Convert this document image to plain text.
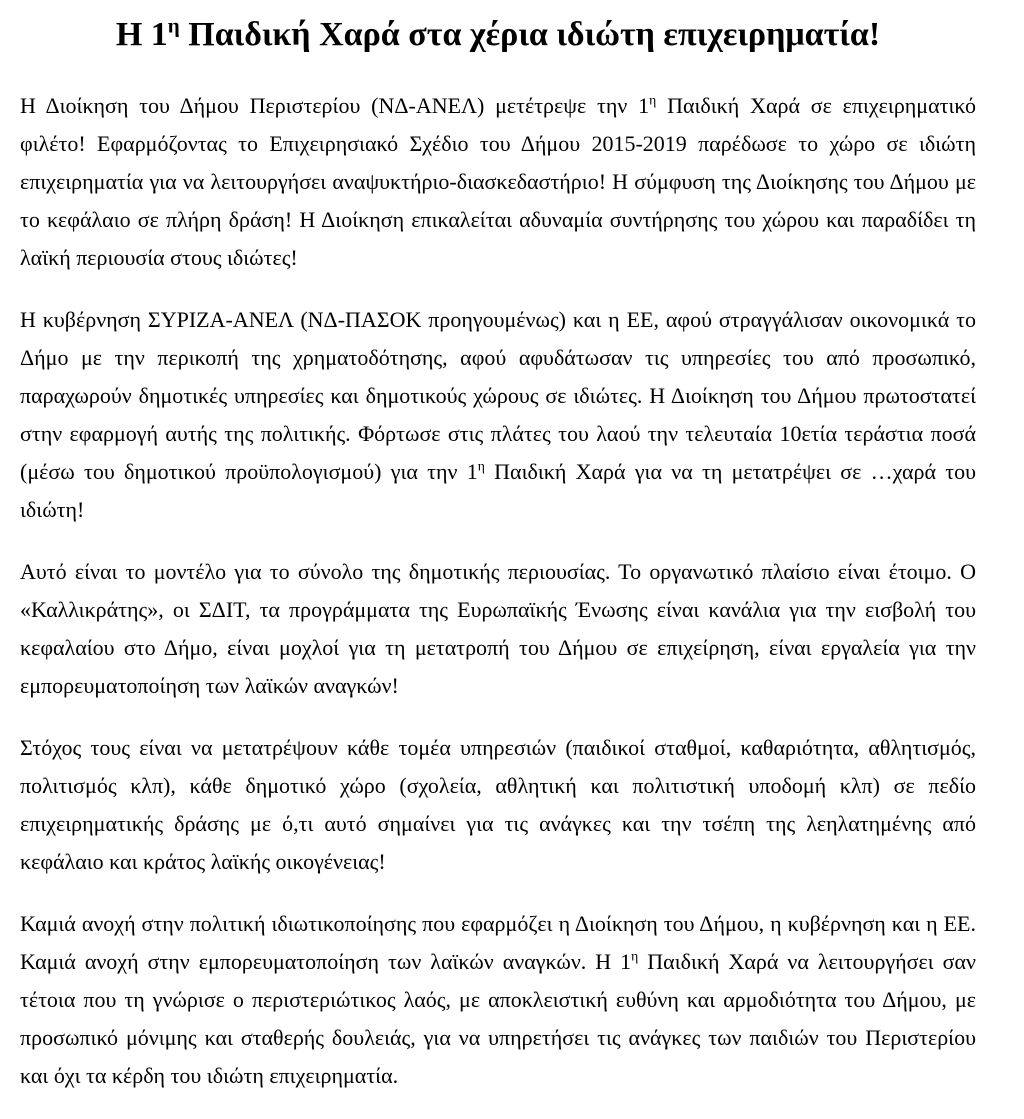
Η $1^\eta$ Παιδική Χαρά στα χέρια ιδιώτη επιχειρηματία!

Η Διοίκηση του Δήμου Περιστερίου (ΝΔ-ΑΝΕΛ) μετέτρεψε την $1^\eta$ Παιδική Χαρά σε επιχειρηματικό φιλέτο! Εφαρμόζοντας το Επιχειρησιακό Σχέδιο του Δήμου 2015-2019 παρέδωσε το χώρο σε ιδιώτη επιχειρηματία για να λειτουργήσει αναψυκτήριο-διασκεδαστήριο! Η σύμφυση της Διοίκησης του Δήμου με το κεφάλαιο σε πλήρη δράση! Η Διοίκηση επικαλείται αδυναμία συντήρησης του χώρου και παραδίδει τη λαϊκή περιουσία στους ιδιώτες!

Η κυβέρνηση ΣΥΡΙΖΑ-ΑΝΕΛ (ΝΔ-ΠΑΣΟΚ προηγουμένως) και η ΕΕ, αφού στραγγάλισαν οικονομικά το Δήμο με την περικοπή της χρηματοδότησης, αφού αφυδάτωσαν τις υπηρεσίες του από προσωπικό, παραχωρούν δημοτικές υπηρεσίες και δημοτικούς χώρους σε ιδιώτες. Η Διοίκηση του Δήμου πρωτοστατεί στην εφαρμογή αυτής της πολιτικής. Φόρτωσε στις πλάτες του λαού την τελευταία 10ετία τεράστια ποσά (μέσω του δημοτικού προϋπολογισμού) για την $1^\eta$ Παιδική Χαρά για να τη μετατρέψει σε …χαρά του ιδιώτη!

Αυτό είναι το μοντέλο για το σύνολο της δημοτικής περιουσίας. Το οργανωτικό πλαίσιο είναι έτοιμο. Ο «Καλλικράτης», οι ΣΔΙΤ, τα προγράμματα της Ευρωπαϊκής Ένωσης είναι κανάλια για την εισβολή του κεφαλαίου στο Δήμο, είναι μοχλοί για τη μετατροπή του Δήμου σε επιχείρηση, είναι εργαλεία για την εμπορευματοποίηση των λαϊκών αναγκών!

Στόχος τους είναι να μετατρέψουν κάθε τομέα υπηρεσιών (παιδικοί σταθμοί, καθαριότητα, αθλητισμός, πολιτισμός κλπ), κάθε δημοτικό χώρο (σχολεία, αθλητική και πολιτιστική υποδομή κλπ) σε πεδίο επιχειρηματικής δράσης με ό,τι αυτό σημαίνει για τις ανάγκες και την τσέπη της λεηλατημένης από κεφάλαιο και κράτος λαϊκής οικογένειας!

Καμιά ανοχή στην πολιτική ιδιωτικοποίησης που εφαρμόζει η Διοίκηση του Δήμου, η κυβέρνηση και η ΕΕ. Καμιά ανοχή στην εμπορευματοποίηση των λαϊκών αναγκών. Η $1^\eta$ Παιδική Χαρά να λειτουργήσει σαν τέτοια που τη γνώρισε ο περιστεριώτικος λαός, με αποκλειστική ευθύνη και αρμοδιότητα του Δήμου, με προσωπικό μόνιμης και σταθερής δουλειάς, για να υπηρετήσει τις ανάγκες των παιδιών του Περιστερίου και όχι τα κέρδη του ιδιώτη επιχειρηματία.
